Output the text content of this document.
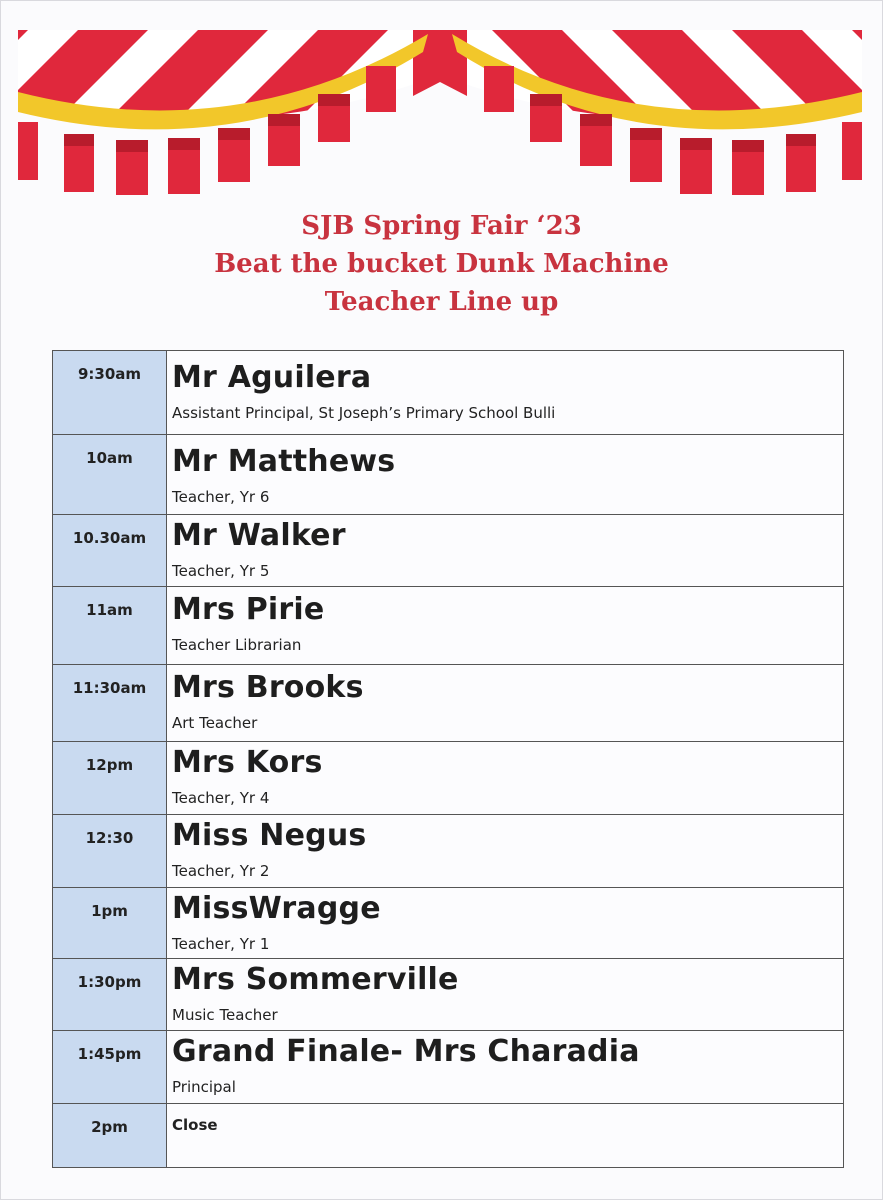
SJB Spring Fair ‘23
Beat the bucket Dunk Machine
Teacher Line up
9:30am	Mr Aguilera
Assistant Principal, St Joseph’s Primary School Bulli

10am	Mr Matthews
Teacher, Yr 6

10.30am	Mr Walker
Teacher, Yr 5

11am	Mrs Pirie
Teacher Librarian

11:30am	Mrs Brooks
Art Teacher

12pm	Mrs Kors
Teacher, Yr 4

12:30	Miss Negus
Teacher, Yr 2

1pm	MissWragge
Teacher, Yr 1

1:30pm	Mrs Sommerville
Music Teacher

1:45pm	Grand Finale- Mrs Charadia
Principal

2pm	Close
